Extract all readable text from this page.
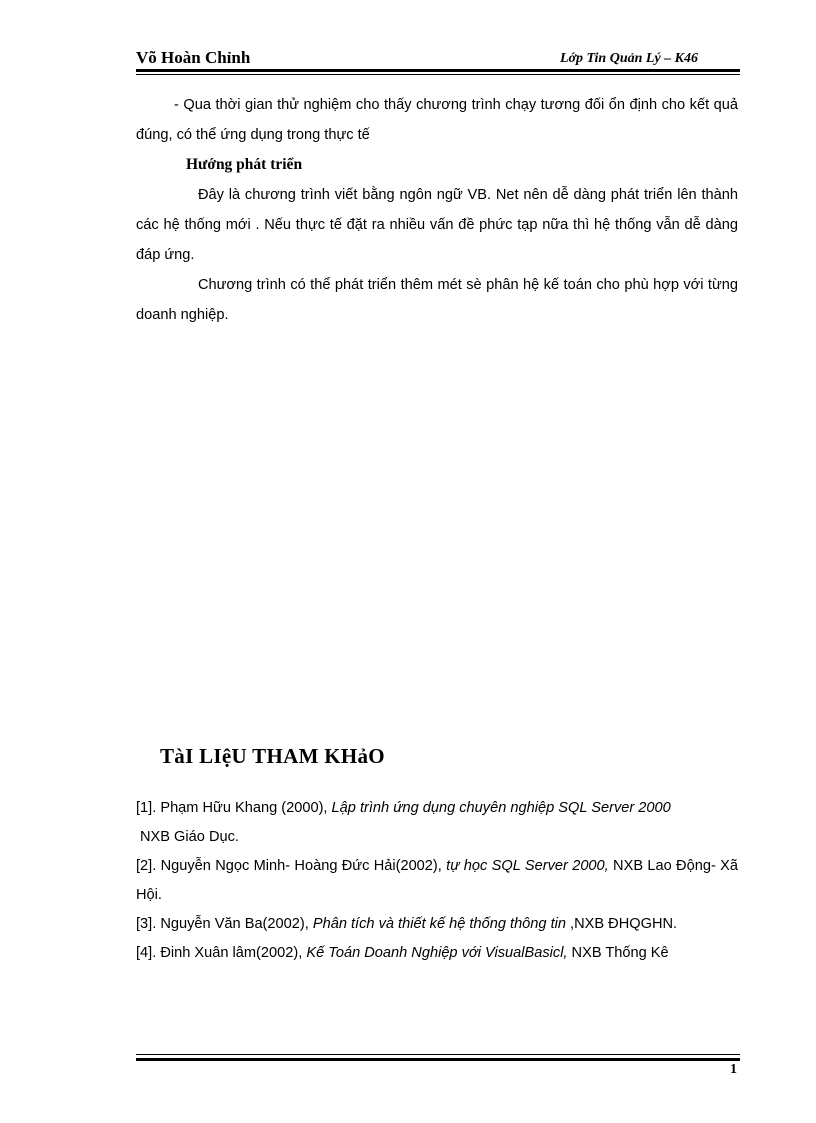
Võ Hoàn Chỉnh	Lớp Tin Quản Lý – K46

- Qua thời gian thử nghiệm cho thấy chương trình chạy tương đối ổn định cho kết quả đúng, có thể ứng dụng trong thực tế

Hướng phát triển

Đây là chương trình viết bằng ngôn ngữ VB. Net nên dễ dàng phát triển lên thành các hệ thống mới . Nếu thực tế đặt ra nhiều vấn đề phức tạp nữa thì hệ thống vẫn dễ dàng đáp ứng.

Chương trình có thể phát triển thêm mét sè phân hệ kế toán cho phù hợp với từng doanh nghiệp.

TàI LIệU THAM KHảO

[1]. Phạm Hữu Khang (2000), Lập trình ứng dụng chuyên nghiệp SQL Server 2000
NXB Giáo Dục.

[2]. Nguyễn Ngọc Minh- Hoàng Đức Hải(2002), tự học SQL Server 2000, NXB Lao Động- Xã Hội.

[3]. Nguyễn Văn Ba(2002), Phân tích và thiết kế hệ thống thông tin ,NXB ĐHQGHN.

[4]. Đinh Xuân lâm(2002), Kế Toán Doanh Nghiệp với VisualBasicl, NXB Thống Kê

1
